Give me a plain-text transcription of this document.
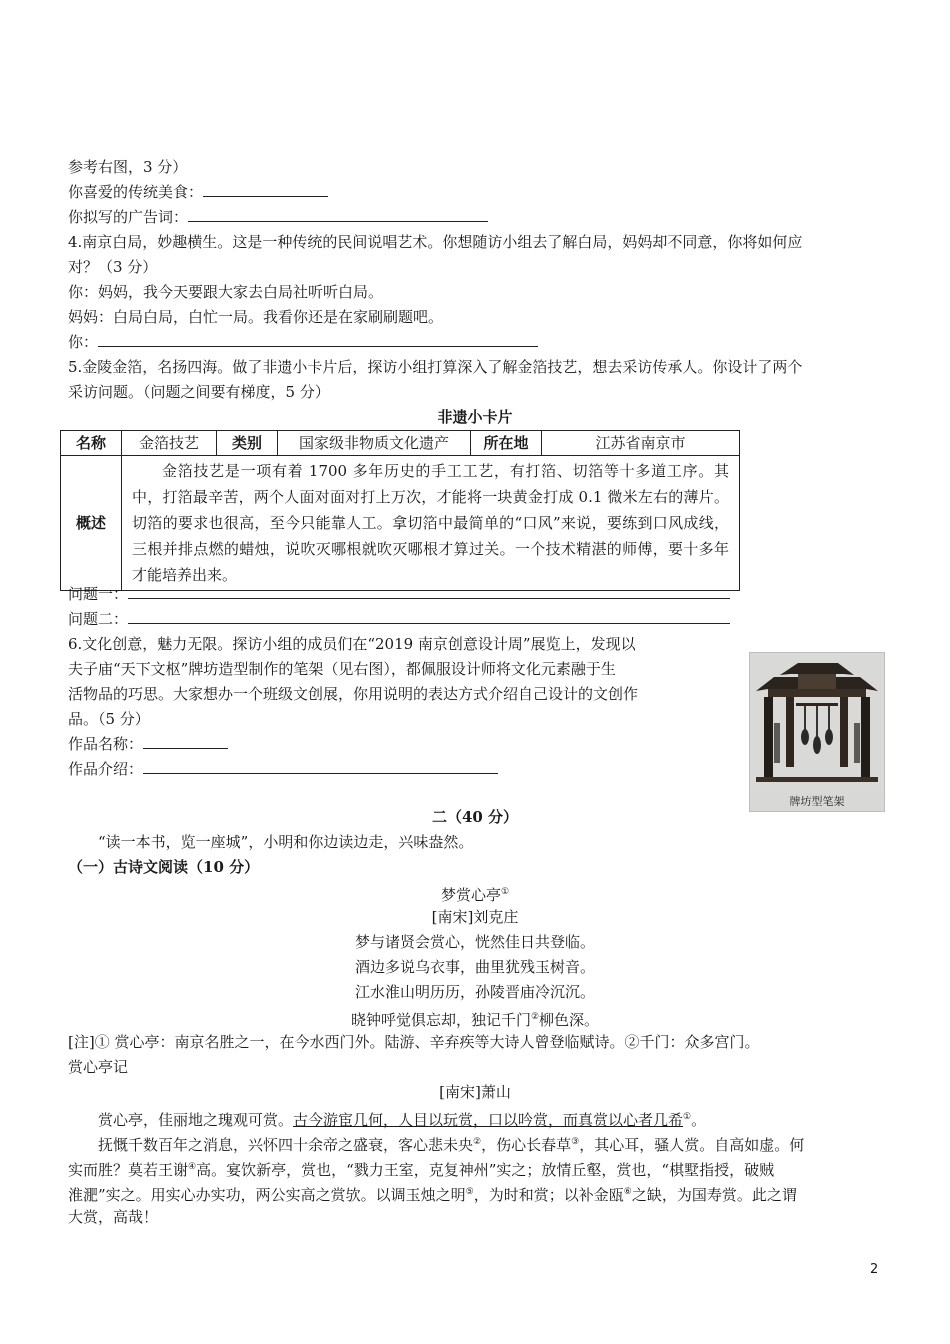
参考右图，3 分）
你喜爱的传统美食：
你拟写的广告词：
4.南京白局，妙趣横生。这是一种传统的民间说唱艺术。你想随访小组去了解白局，妈妈却不同意，你将如何应
对？（3 分）
你：妈妈，我今天要跟大家去白局社听听白局。
妈妈：白局白局，白忙一局。我看你还是在家刷刷题吧。
你：
5.金陵金箔，名扬四海。做了非遗小卡片后，探访小组打算深入了解金箔技艺，想去采访传承人。你设计了两个
采访问题。（问题之间要有梯度，5 分）
非遗小卡片
名称	金箔技艺	类别	国家级非物质文化遗产	所在地	江苏省南京市
概述	金箔技艺是一项有着 1700 多年历史的手工工艺，有打箔、切箔等十多道工序。其中，打箔最辛苦，两个人面对面对打上万次，才能将一块黄金打成 0.1 微米左右的薄片。切箔的要求也很高，至今只能靠人工。拿切箔中最简单的“口风”来说，要练到口风成线，三根并排点燃的蜡烛，说吹灭哪根就吹灭哪根才算过关。一个技术精湛的师傅，要十多年才能培养出来。				
问题一：
问题二：
6.文化创意，魅力无限。探访小组的成员们在“2019 南京创意设计周”展览上，发现以
夫子庙“天下文枢”牌坊造型制作的笔架（见右图），都佩服设计师将文化元素融于生
活物品的巧思。大家想办一个班级文创展，你用说明的表达方式介绍自己设计的文创作
品。（5 分）
作品名称：
作品介绍：
牌坊型笔架
二（40 分）
“读一本书，览一座城”，小明和你边读边走，兴味盎然。
（一）古诗文阅读（10 分）
梦赏心亭①
[南宋]刘克庄
梦与诸贤会赏心，恍然佳日共登临。
酒边多说乌衣事，曲里犹残玉树音。
江水淮山明历历，孙陵晋庙冷沉沉。
晓钟呼觉俱忘却，独记千门②柳色深。
[注]① 赏心亭：南京名胜之一，在今水西门外。陆游、辛弃疾等大诗人曾登临赋诗。②千门：众多宫门。
赏心亭记
[南宋]萧山
赏心亭，佳丽地之瑰观可赏。古今游宦几何，人目以玩赏，口以吟赏，而真赏以心者几希①。
抚慨千数百年之消息，兴怀四十余帝之盛衰，客心悲未央②，伤心长春草③，其心耳，骚人赏。自高如虚。何
实而胜？莫若王谢④高。宴饮新亭，赏也，“戮力王室，克复神州”实之；放情丘壑，赏也，“棋墅指授，破贼
淮淝”实之。用实心办实功，两公实高之赏欤。以调玉烛之明⑤，为时和赏；以补金瓯⑥之缺，为国寿赏。此之谓
大赏，高哉！
2
